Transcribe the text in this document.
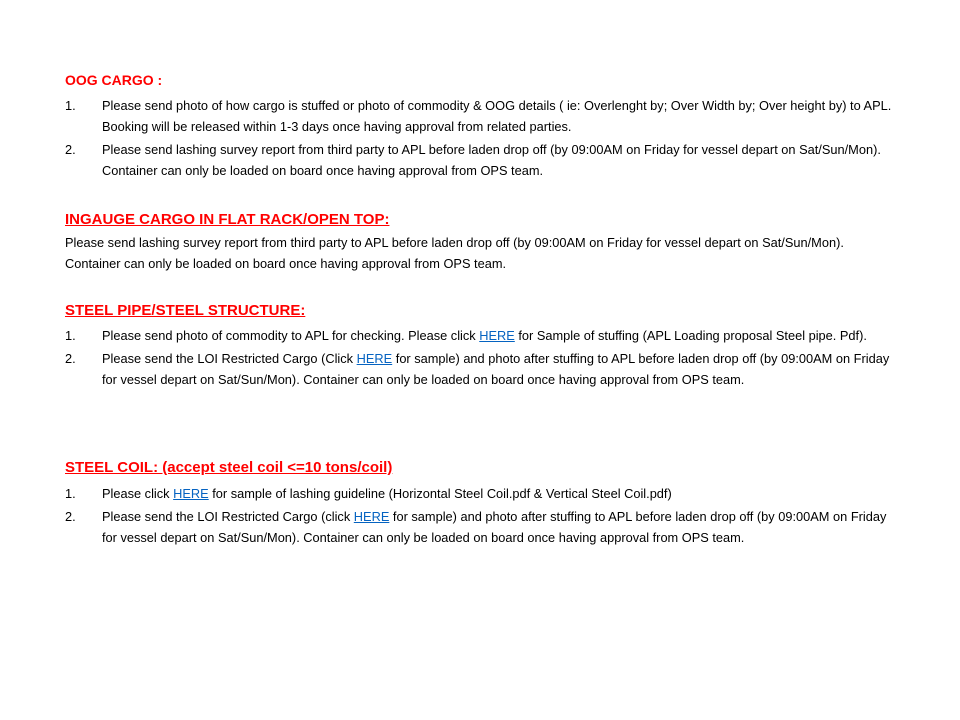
OOG CARGO :
1. Please send photo of how cargo is stuffed or photo of commodity & OOG details ( ie: Overlenght by; Over Width by; Over height by) to APL. Booking will be released within 1-3 days once having approval from related parties.
2. Please send lashing survey report from third party to APL before laden drop off (by 09:00AM on Friday for vessel depart on Sat/Sun/Mon). Container can only be loaded on board once having approval from OPS team.
INGAUGE CARGO IN FLAT RACK/OPEN TOP:

Please send lashing survey report from third party to APL before laden drop off (by 09:00AM on Friday for vessel depart on Sat/Sun/Mon). Container can only be loaded on board once having approval from OPS team.

STEEL PIPE/STEEL STRUCTURE:
1. Please send photo of commodity to APL for checking. Please click HERE for Sample of stuffing (APL Loading proposal Steel pipe. Pdf).
2. Please send the LOI Restricted Cargo (Click HERE for sample) and photo after stuffing to APL before laden drop off (by 09:00AM on Friday for vessel depart on Sat/Sun/Mon). Container can only be loaded on board once having approval from OPS team.
STEEL COIL: (accept steel coil <=10 tons/coil)
1. Please click HERE for sample of lashing guideline (Horizontal Steel Coil.pdf & Vertical Steel Coil.pdf)
2. Please send the LOI Restricted Cargo (click HERE for sample) and photo after stuffing to APL before laden drop off (by 09:00AM on Friday for vessel depart on Sat/Sun/Mon). Container can only be loaded on board once having approval from OPS team.
